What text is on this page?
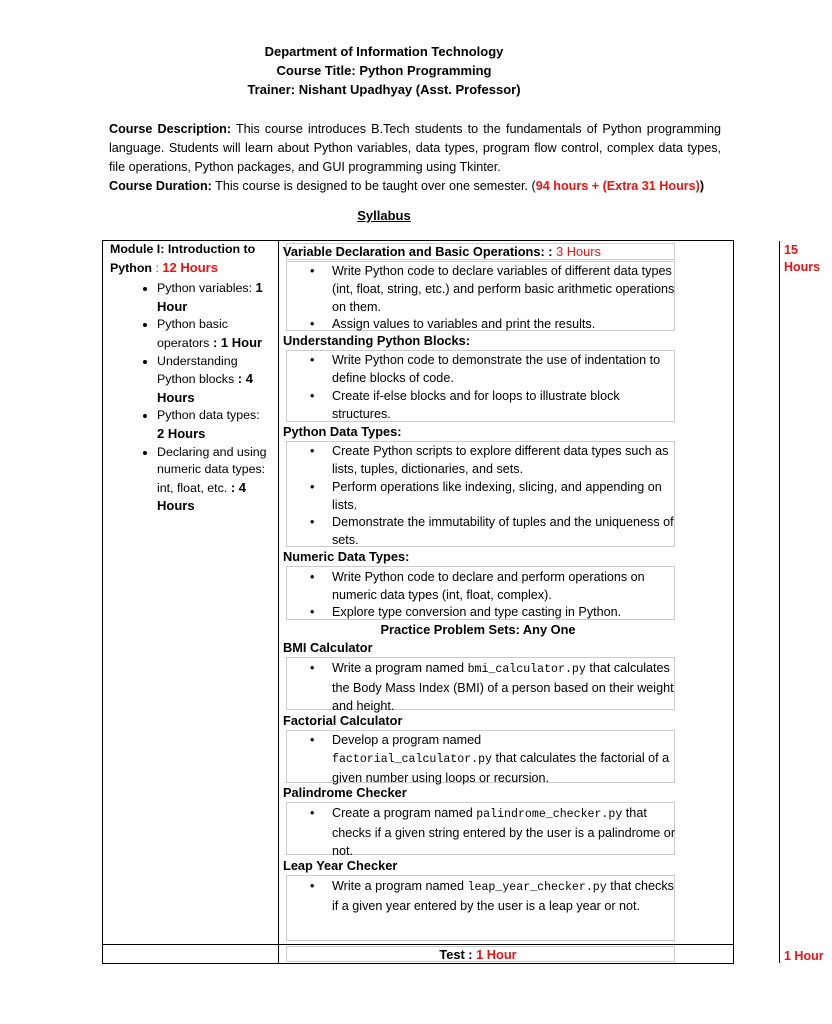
Department of Information Technology
Course Title: Python Programming
Trainer: Nishant Upadhyay (Asst. Professor)
Course Description: This course introduces B.Tech students to the fundamentals of Python programming language. Students will learn about Python variables, data types, program flow control, complex data types, file operations, Python packages, and GUI programming using Tkinter.
Course Duration: This course is designed to be taught over one semester. (94 hours + (Extra 31 Hours))
Syllabus
Module I: Introduction to
Python : 12 Hours
• Python variables: 1 Hour
• Python basic operators : 1 Hour
• Understanding Python blocks : 4 Hours
• Python data types:
2 Hours
• Declaring and using numeric data types: int, float, etc. : 4 Hours
15 Hours
1 Hour
Variable Declaration and Basic Operations: : 3 Hours
• Write Python code to declare variables of different data types (int, float, string, etc.) and perform basic arithmetic operations on them.
• Assign values to variables and print the results.
Understanding Python Blocks:
• Write Python code to demonstrate the use of indentation to define blocks of code.
• Create if-else blocks and for loops to illustrate block structures.
Python Data Types:
• Create Python scripts to explore different data types such as lists, tuples, dictionaries, and sets.
• Perform operations like indexing, slicing, and appending on lists.
• Demonstrate the immutability of tuples and the uniqueness of sets.
Numeric Data Types:
• Write Python code to declare and perform operations on numeric data types (int, float, complex).
• Explore type conversion and type casting in Python.
Practice Problem Sets: Any One
BMI Calculator
• Write a program named bmi_calculator.py that calculates the Body Mass Index (BMI) of a person based on their weight and height.
Factorial Calculator
• Develop a program named
factorial_calculator.py that calculates the factorial of a given number using loops or recursion.
Palindrome Checker
• Create a program named palindrome_checker.py that checks if a given string entered by the user is a palindrome or not.
Leap Year Checker
• Write a program named leap_year_checker.py that checks if a given year entered by the user is a leap year or not.
Test : 1 Hour
